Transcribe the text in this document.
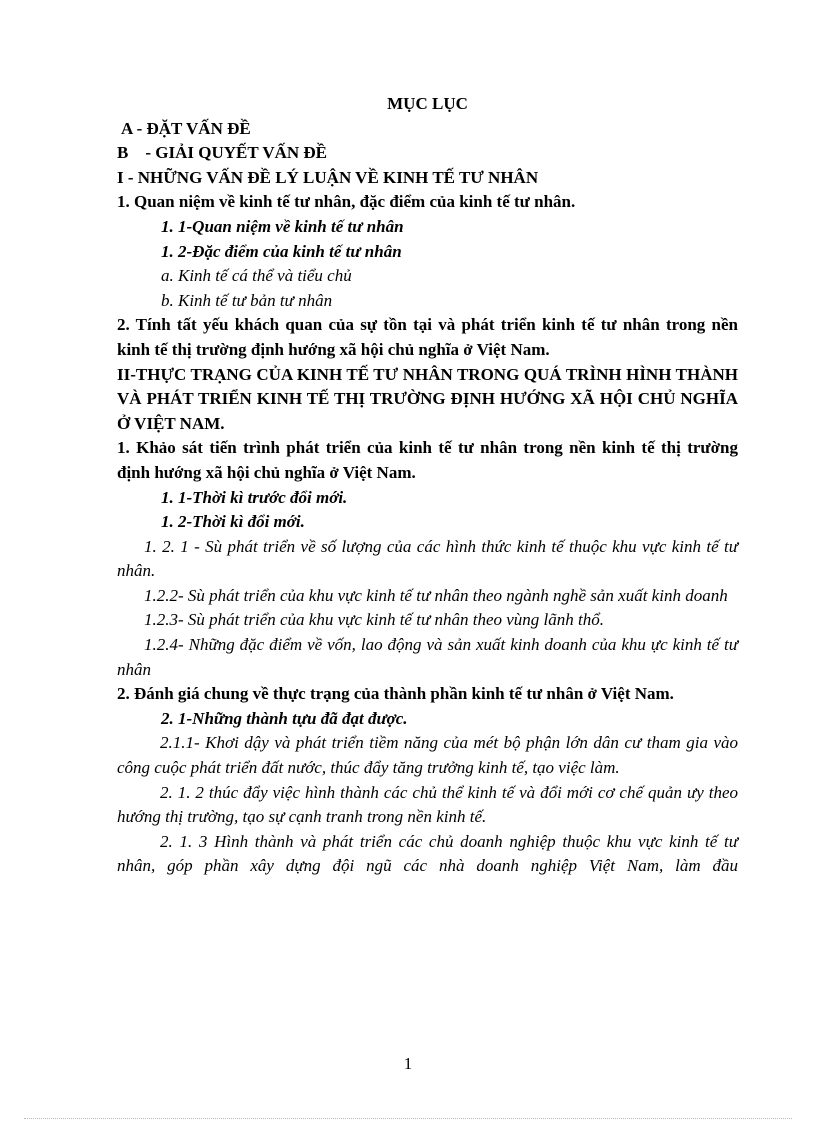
MỤC LỤC

A - ĐẶT VẤN ĐỀ

B    - GIẢI QUYẾT VẤN ĐỀ

I - NHỮNG VẤN ĐỀ LÝ LUẬN VỀ KINH TẾ TƯ NHÂN

1. Quan niệm về kinh tế tư nhân, đặc điểm của kinh tế tư nhân.

1. 1-Quan niệm về kinh tế tư nhân

1. 2-Đặc điểm của kinh tế tư nhân

a. Kinh tế cá thể và tiểu chủ

b. Kinh tế tư bản tư nhân

2. Tính tất yếu khách quan của sự tồn tại và phát triển kinh tế tư nhân trong nền kinh tế thị trường định hướng xã hội chủ nghĩa ở Việt Nam.

II-THỰC TRẠNG CỦA KINH TẾ TƯ NHÂN TRONG QUÁ TRÌNH HÌNH THÀNH VÀ PHÁT TRIỂN KINH TẾ THỊ TRƯỜNG ĐỊNH HƯỚNG XÃ HỘI CHỦ NGHĨA Ở VIỆT NAM.

1. Khảo sát tiến trình phát triển của kinh tế tư nhân trong nền kinh tế thị trường định hướng xã hội chủ nghĩa ở Việt Nam.

1. 1-Thời kì trước đổi mới.

1. 2-Thời kì đổi mới.

1. 2. 1 - Sù phát triển về số lượng của các hình thức kinh tế thuộc khu vực kinh tế tư nhân.

1.2.2- Sù phát triển của khu vực kinh tế tư nhân theo ngành nghề sản xuất kinh doanh

1.2.3- Sù phát triển của khu vực kinh tế tư nhân theo vùng lãnh thổ.

1.2.4- Những đặc điểm về vốn, lao động và sản xuất kinh doanh của khu ực kinh tế tư nhân

2. Đánh giá chung về thực trạng của thành phần kinh tế tư nhân ở Việt Nam.

2. 1-Những thành tựu đã đạt được.

2.1.1- Khơi dậy và phát triển tiềm năng của mét bộ phận lớn dân cư tham gia vào công cuộc phát triển đất nước, thúc đẩy tăng trưởng kinh tế, tạo việc làm.

2. 1. 2 thúc đẩy việc hình thành các chủ thể kinh tế và đổi mới cơ chế quản ưy theo hướng thị trường, tạo sự cạnh tranh trong nền kinh tế.

2. 1. 3 Hình thành và phát triển các chủ doanh nghiệp thuộc khu vực kinh tế tư nhân, góp phần xây dựng đội ngũ các nhà doanh nghiệp Việt Nam, làm đầu

1
